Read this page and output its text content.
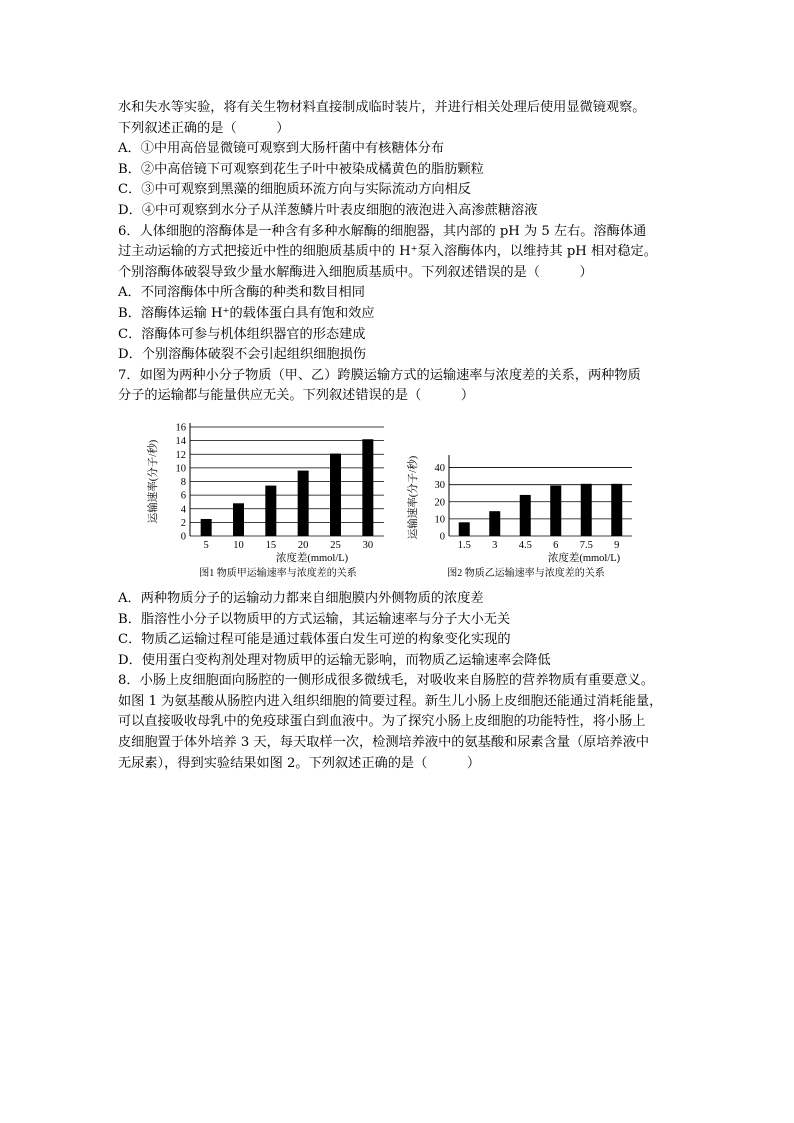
水和失水等实验，将有关生物材料直接制成临时装片，并进行相关处理后使用显微镜观察。
下列叙述正确的是（　　　）
A．①中用高倍显微镜可观察到大肠杆菌中有核糖体分布
B．②中高倍镜下可观察到花生子叶中被染成橘黄色的脂肪颗粒
C．③中可观察到黑藻的细胞质环流方向与实际流动方向相反
D．④中可观察到水分子从洋葱鳞片叶表皮细胞的液泡进入高渗蔗糖溶液
6．人体细胞的溶酶体是一种含有多种水解酶的细胞器，其内部的 pH 为 5 左右。溶酶体通
过主动运输的方式把接近中性的细胞质基质中的 H⁺泵入溶酶体内，以维持其 pH 相对稳定。
个别溶酶体破裂导致少量水解酶进入细胞质基质中。下列叙述错误的是（　　　）
A．不同溶酶体中所含酶的种类和数目相同
B．溶酶体运输 H⁺的载体蛋白具有饱和效应
C．溶酶体可参与机体组织器官的形态建成
D．个别溶酶体破裂不会引起组织细胞损伤
7．如图为两种小分子物质（甲、乙）跨膜运输方式的运输速率与浓度差的关系，两种物质
分子的运输都与能量供应无关。下列叙述错误的是（　　　）
0
2
4
6
8
10
12
14
16
5 10 15 20 25 30
运输速率(分子/秒)
浓度差(mmol/L)
图1 物质甲运输速率与浓度差的关系
0
10
20
30
40
1.5 3 4.5 6 7.5 9
运输速率(分子/秒)
浓度差(mmol/L)
图2 物质乙运输速率与浓度差的关系
A．两种物质分子的运输动力都来自细胞膜内外侧物质的浓度差
B．脂溶性小分子以物质甲的方式运输，其运输速率与分子大小无关
C．物质乙运输过程可能是通过载体蛋白发生可逆的构象变化实现的
D．使用蛋白变构剂处理对物质甲的运输无影响，而物质乙运输速率会降低
8．小肠上皮细胞面向肠腔的一侧形成很多微绒毛，对吸收来自肠腔的营养物质有重要意义。
如图 1 为氨基酸从肠腔内进入组织细胞的简要过程。新生儿小肠上皮细胞还能通过消耗能量，
可以直接吸收母乳中的免疫球蛋白到血液中。为了探究小肠上皮细胞的功能特性，将小肠上
皮细胞置于体外培养 3 天，每天取样一次，检测培养液中的氨基酸和尿素含量（原培养液中
无尿素），得到实验结果如图 2。下列叙述正确的是（　　　）
